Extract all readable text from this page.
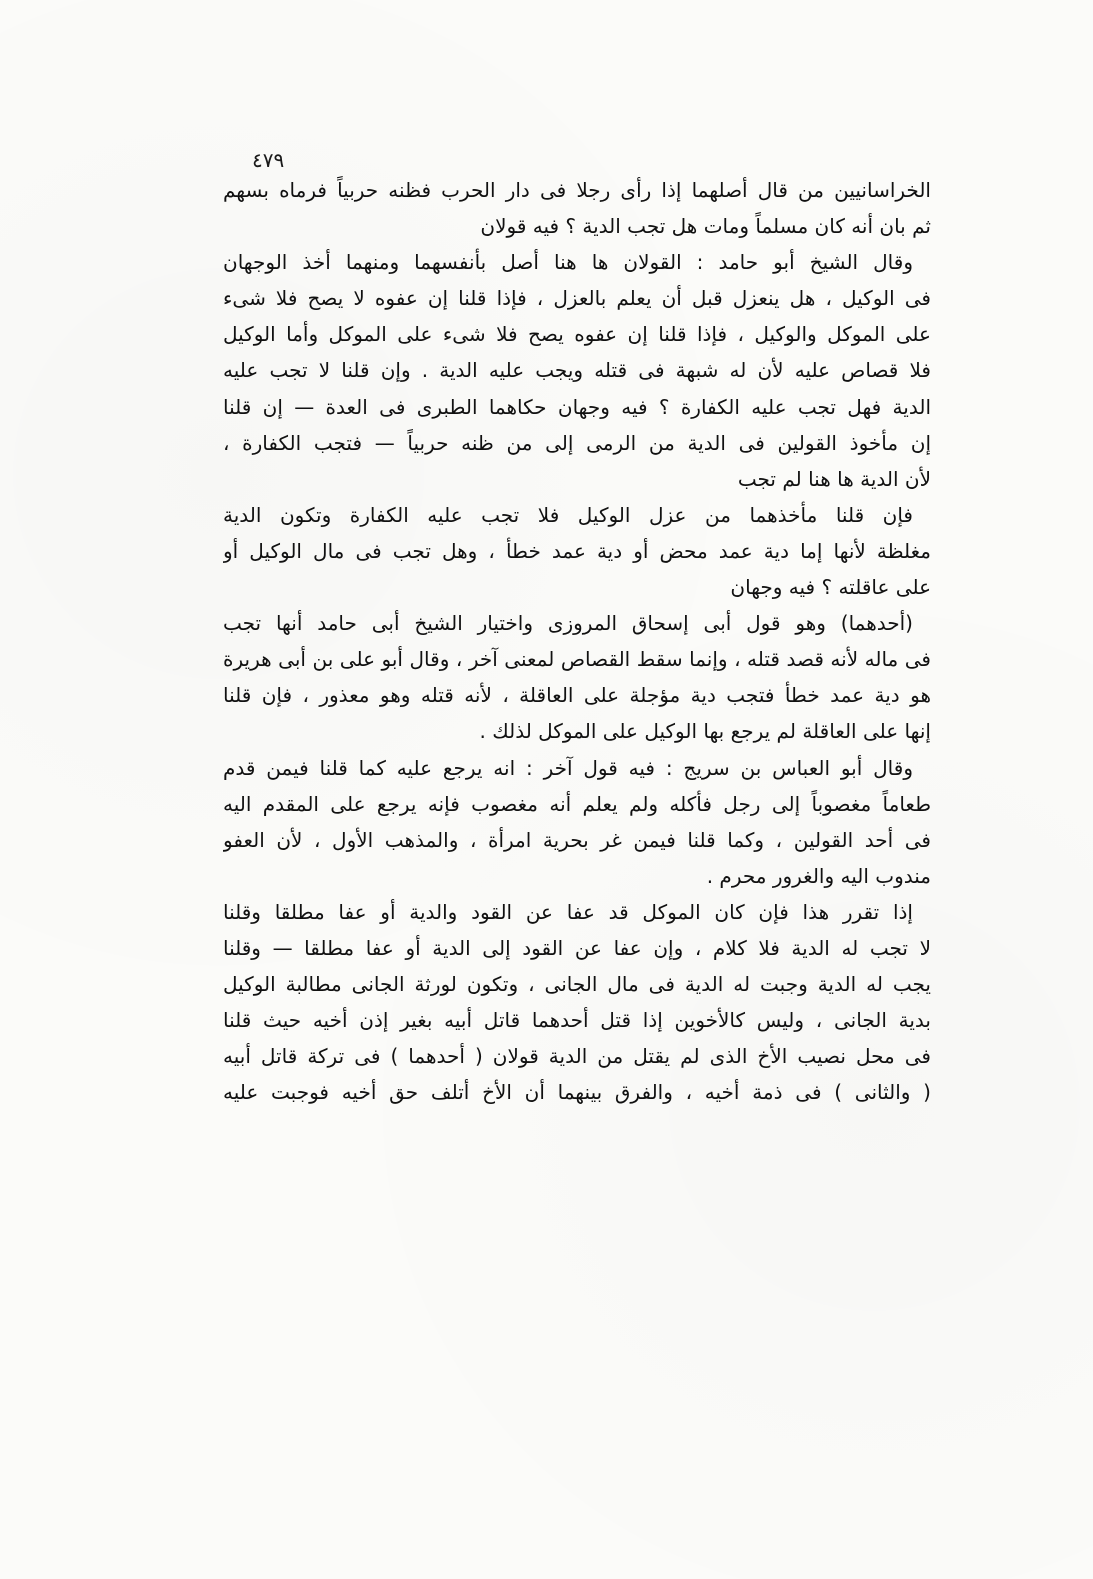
٤٧٩
الخراسانيين من قال أصلهما إذا رأى رجلا فى دار الحرب فظنه حربياً فرماه بسهم
ثم بان أنه كان مسلماً ومات هل تجب الدية ؟ فيه قولان
وقال الشيخ أبو حامد : القولان ها هنا أصل بأنفسهما ومنهما أخذ الوجهان
فى الوكيل ، هل ينعزل قبل أن يعلم بالعزل ، فإذا قلنا إن عفوه لا يصح فلا شىء
على الموكل والوكيل ، فإذا قلنا إن عفوه يصح فلا شىء على الموكل وأما الوكيل
فلا قصاص عليه لأن له شبهة فى قتله ويجب عليه الدية . وإن قلنا لا تجب عليه
الدية فهل تجب عليه الكفارة ؟ فيه وجهان حكاهما الطبرى فى العدة — إن قلنا
إن مأخوذ القولين فى الدية من الرمى إلى من ظنه حربياً — فتجب الكفارة ،
لأن الدية ها هنا لم تجب
فإن قلنا مأخذهما من عزل الوكيل فلا تجب عليه الكفارة وتكون الدية
مغلظة لأنها إما دية عمد محض أو دية عمد خطأ ، وهل تجب فى مال الوكيل أو
على عاقلته ؟ فيه وجهان
(أحدهما) وهو قول أبى إسحاق المروزى واختيار الشيخ أبى حامد أنها تجب
فى ماله لأنه قصد قتله ، وإنما سقط القصاص لمعنى آخر ، وقال أبو على بن أبى هريرة
هو دية عمد خطأ فتجب دية مؤجلة على العاقلة ، لأنه قتله وهو معذور ، فإن قلنا
إنها على العاقلة لم يرجع بها الوكيل على الموكل لذلك .
وقال أبو العباس بن سريج : فيه قول آخر : انه يرجع عليه كما قلنا فيمن قدم
طعاماً مغصوباً إلى رجل فأكله ولم يعلم أنه مغصوب فإنه يرجع على المقدم اليه
فى أحد القولين ، وكما قلنا فيمن غر بحرية امرأة ، والمذهب الأول ، لأن العفو
مندوب اليه والغرور محرم .
إذا تقرر هذا فإن كان الموكل قد عفا عن القود والدية أو عفا مطلقا وقلنا
لا تجب له الدية فلا كلام ، وإن عفا عن القود إلى الدية أو عفا مطلقا — وقلنا
يجب له الدية وجبت له الدية فى مال الجانى ، وتكون لورثة الجانى مطالبة الوكيل
بدية الجانى ، وليس كالأخوين إذا قتل أحدهما قاتل أبيه بغير إذن أخيه حيث قلنا
فى محل نصيب الأخ الذى لم يقتل من الدية قولان ( أحدهما ) فى تركة قاتل أبيه
( والثانى ) فى ذمة أخيه ، والفرق بينهما أن الأخ أتلف حق أخيه فوجبت عليه
